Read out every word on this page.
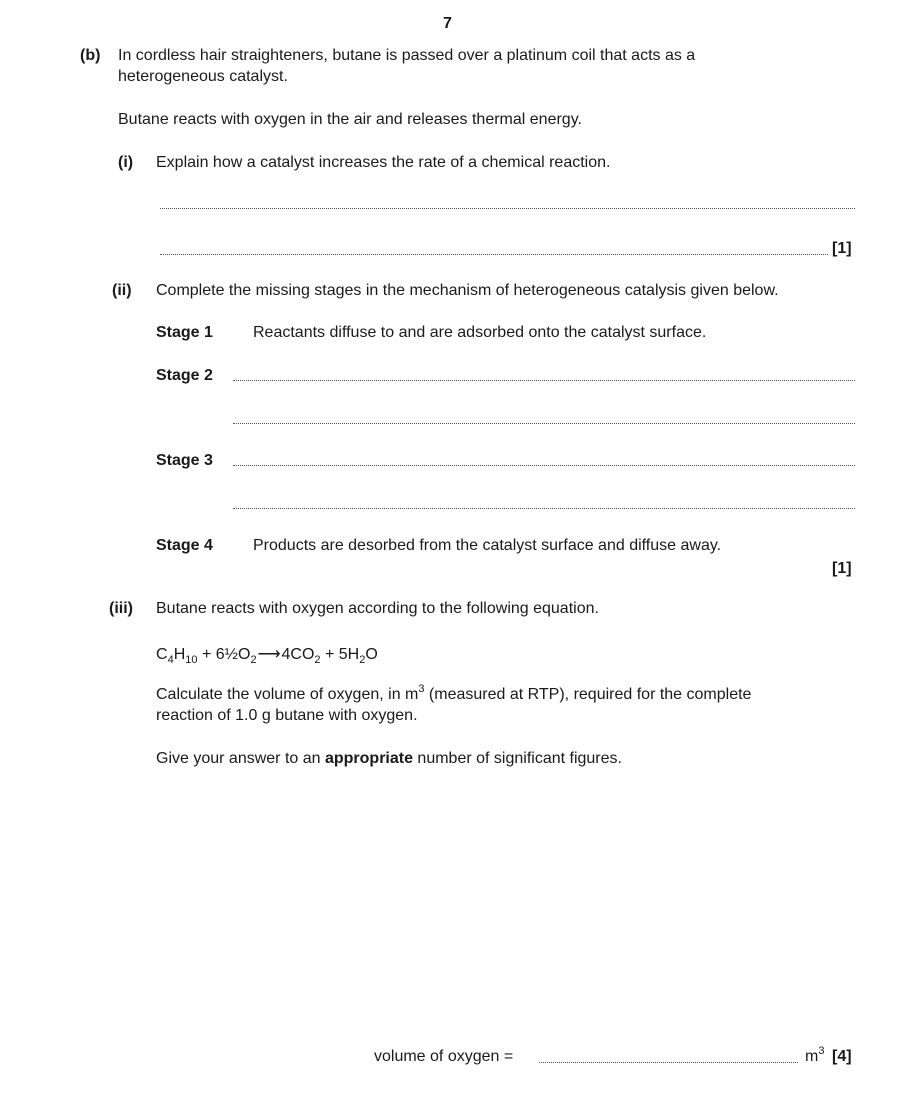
7
(b) In cordless hair straighteners, butane is passed over a platinum coil that acts as a
heterogeneous catalyst.
Butane reacts with oxygen in the air and releases thermal energy.
(i) Explain how a catalyst increases the rate of a chemical reaction.
[1]
(ii) Complete the missing stages in the mechanism of heterogeneous catalysis given below.
Stage 1	Reactants diffuse to and are adsorbed onto the catalyst surface.
Stage 2
Stage 3
Stage 4	Products are desorbed from the catalyst surface and diffuse away.
[1]
(iii) Butane reacts with oxygen according to the following equation.
$C_4H_{10}$ + $6\frac{1}{2}O_2⟶4CO_2 + 5H_2O$
Calculate the volume of oxygen, in $m^3$ (measured at RTP), required for the complete
reaction of 1.0 g butane with oxygen.
Give your answer to an appropriate number of significant figures.
volume of oxygen =	$m^3$ [4]
